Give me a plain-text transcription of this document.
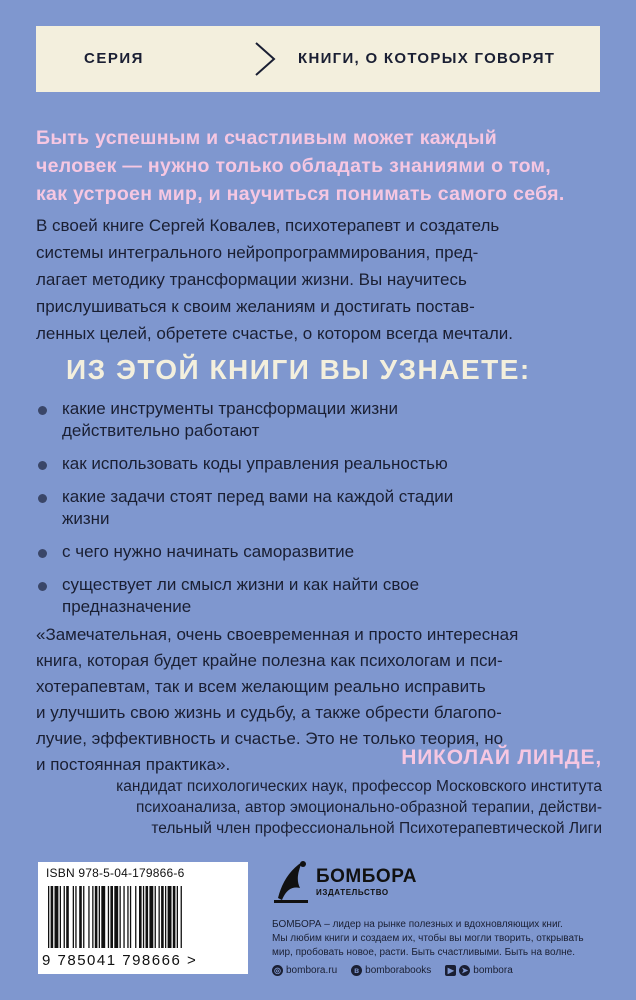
СЕРИЯ	КНИГИ, О КОТОРЫХ ГОВОРЯТ
Быть успешным и счастливым может каждый
человек — нужно только обладать знаниями о том,
как устроен мир, и научиться понимать самого себя.
В своей книге Сергей Ковалев, психотерапевт и создатель
системы интегрального нейропрограммирования, пред-
лагает методику трансформации жизни. Вы научитесь
прислушиваться к своим желаниям и достигать постав-
ленных целей, обретете счастье, о котором всегда мечтали.
ИЗ ЭТОЙ КНИГИ ВЫ УЗНАЕТЕ:
какие инструменты трансформации жизни
действительно работают
как использовать коды управления реальностью
какие задачи стоят перед вами на каждой стадии
жизни
с чего нужно начинать саморазвитие
существует ли смысл жизни и как найти свое
предназначение
«Замечательная, очень своевременная и просто интересная
книга, которая будет крайне полезна как психологам и пси-
хотерапевтам, так и всем желающим реально исправить
и улучшить свою жизнь и судьбу, а также обрести благопо-
лучие, эффективность и счастье. Это не только теория, но
и постоянная практика».	НИКОЛАЙ ЛИНДЕ,
кандидат психологических наук, профессор Московского института
психоанализа, автор эмоционально-образной терапии, действи-
тельный член профессиональной Психотерапевтической Лиги
ISBN 978-5-04-179866-6
9 785041 798666 >
БОМБОРА
ИЗДАТЕЛЬСТВО
БОМБОРА – лидер на рынке полезных и вдохновляющих книг.
Мы любим книги и создаем их, чтобы вы могли творить, открывать
мир, пробовать новое, расти. Быть счастливыми. Быть на волне.
◎ bombora.ru	в bomborabooks	▶ ➤ bombora
